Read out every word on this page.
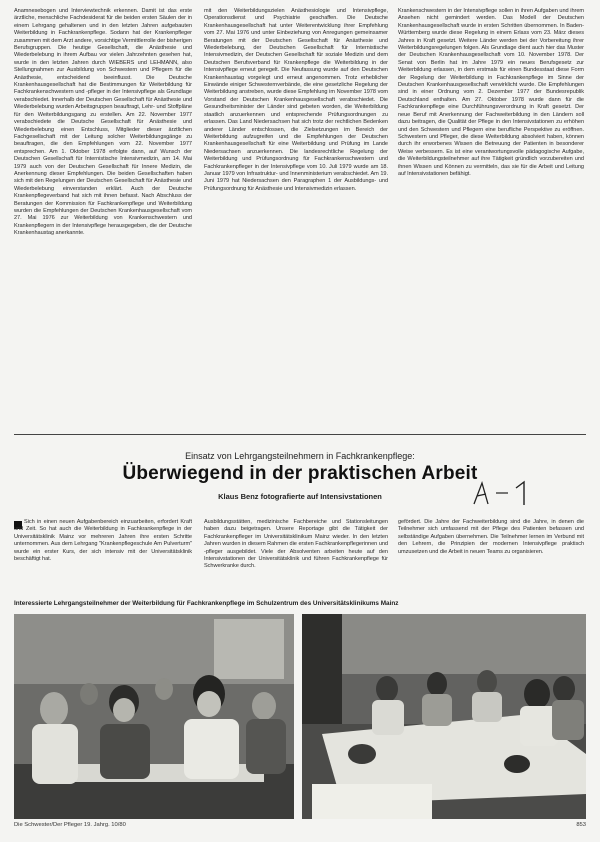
Anamnesebogen und Interviewtechnik erkennen. Damit ist das erste ärztliche, menschliche Fachdesiderat für die beiden ersten Säulen der in einem Lehrgang gehaltenen und in den letzten Jahren aufgebauten Weiterbildung in Fachkrankenpflege. Sodann hat der Krankenpfleger zusammen mit dem Arzt andere, vorsichtige Vermittlerrolle der bisherigen Berufsgruppen. Die heutige Gesellschaft, die Anästhesie und Wiederbelebung in ihrem Aufbau vor vielen Jahrzehnten gesehen hat, wurde in den letzten Jahren durch WIEBERS und LEHMANN, also Stellungnahmen zur Ausbildung von Schwestern und Pflegern für die Anästhesie, entscheidend beeinflusst. Die Deutsche Krankenhausgesellschaft hat die Bestimmungen für Weiterbildung für Fachkrankenschwestern und -pfleger in der Intensivpflege als Grundlage verabschiedet. Innerhalb der Deutschen Gesellschaft für Anästhesie und Wiederbelebung wurden Arbeitsgruppen beauftragt, Lehr- und Stoffpläne für den Weiterbildungsgang zu erstellen. Am 22. November 1977 verabschiedete die Deutsche Gesellschaft für Anästhesie und Wiederbelebung einen Entschluss, Mitglieder dieser ärztlichen Fachgesellschaft mit der Leitung solcher Weiterbildungsgänge zu beauftragen, die den Empfehlungen vom 22. November 1977 entsprechen. Am 1. Oktober 1978 erfolgte dann, auf Wunsch der Deutschen Gesellschaft für Internistische Intensivmedizin, am 14. Mai 1979 auch von der Deutschen Gesellschaft für Innere Medizin, die Anerkennung dieser Empfehlungen. Die beiden Gesellschaften haben sich mit den Regelungen der Deutschen Gesellschaft für Anästhesie und Wiederbelebung einverstanden erklärt. Auch der Deutsche Krankenpflegeverband hat sich mit ihnen befasst. Nach Abschluss der Beratungen der Kommission für Fachkrankenpflege und Weiterbildung wurden die Empfehlungen der Deutschen Krankenhausgesellschaft vom 27. Mai 1976 zur Weiterbildung von Krankenschwestern und Krankenpflegern in der Intensivpflege herausgegeben, die der Deutsche Krankenhaustag anerkannte.

mit den Weiterbildungszielen Anästhesiologie und Intensivpflege, Operationsdienst und Psychiatrie geschaffen. Die Deutsche Krankenhausgesellschaft hat unter Weiterentwicklung ihrer Empfehlung vom 27. Mai 1976 und unter Einbeziehung von Anregungen gemeinsamer Beratungen mit der Deutschen Gesellschaft für Anästhesie und Wiederbelebung, der Deutschen Gesellschaft für Internistische Intensivmedizin, der Deutschen Gesellschaft für soziale Medizin und dem Deutschen Berufsverband für Krankenpflege die Weiterbildung in der Intensivpflege erneut geregelt. Die Neufassung wurde auf den Deutschen Krankenhaustag vorgelegt und erneut angenommen. Trotz erheblicher Einwände einiger Schwesternverbände, die eine gesetzliche Regelung der Weiterbildung anstreben, wurde diese Empfehlung im November 1978 vom Vorstand der Deutschen Krankenhausgesellschaft verabschiedet. Die Gesundheitsminister der Länder sind gebeten worden, die Weiterbildung staatlich anzuerkennen und entsprechende Prüfungsordnungen zu erlassen. Das Land Niedersachsen hat sich trotz der rechtlichen Bedenken anderer Länder entschlossen, die Zielsetzungen im Bereich der Weiterbildung aufzugreifen und die Empfehlungen der Deutschen Krankenhausgesellschaft für eine Weiterbildung und Prüfung im Lande Niedersachsen anzuerkennen. Die landesrechtliche Regelung der Weiterbildung und Prüfungsordnung für Fachkrankenschwestern und Fachkrankenpfleger in der Intensivpflege vom 10. Juli 1979 wurde am 18. Januar 1979 von Infrastruktur- und Innenministerium verabschiedet. Am 19. Juni 1979 hat Niedersachsen den Paragraphen 1 der Ausbildungs- und Prüfungsordnung für Anästhesie und Intensivmedizin erlassen.

Krankenschwestern in der Intensivpflege sollen in ihren Aufgaben und ihrem Ansehen nicht gemindert werden. Das Modell der Deutschen Krankenhausgesellschaft wurde in ersten Schritten übernommen. In Baden-Württemberg wurde diese Regelung in einem Erlass vom 23. März dieses Jahres in Kraft gesetzt. Weitere Länder werden bei der Vorbereitung ihrer Weiterbildungsregelungen folgen. Als Grundlage dient auch hier das Muster der Deutschen Krankenhausgesellschaft vom 10. November 1978. Der Senat von Berlin hat im Jahre 1979 ein neues Berufsgesetz zur Weiterbildung erlassen, in dem erstmals für einen Bundesstaat diese Form der Regelung der Weiterbildung in Fachkrankenpflege im Sinne der Deutschen Krankenhausgesellschaft verwirklicht wurde. Die Empfehlungen sind in einer Ordnung vom 2. Dezember 1977 der Bundesrepublik Deutschland enthalten. Am 27. Oktober 1978 wurde dann für die Fachkrankenpflege eine Durchführungsverordnung in Kraft gesetzt. Der neue Beruf mit Anerkennung der Fachweiterbildung in den Ländern soll dazu beitragen, die Qualität der Pflege in den Intensivstationen zu erhöhen und den Schwestern und Pflegern eine berufliche Perspektive zu eröffnen. Schwestern und Pfleger, die diese Weiterbildung absolviert haben, können durch ihr erworbenes Wissen die Betreuung der Patienten in besonderer Weise verbessern. Es ist eine verantwortungsvolle pädagogische Aufgabe, die Weiterbildungsteilnehmer auf ihre Tätigkeit gründlich vorzubereiten und ihnen Wissen und Können zu vermitteln, das sie für die Arbeit und Leitung auf Intensivstationen befähigt.

Einsatz von Lehrgangsteilnehmern in Fachkrankenpflege:
Überwiegend in der praktischen Arbeit
Klaus Benz fotografierte auf Intensivstationen

Sich in einen neuen Aufgabenbereich einzuarbeiten, erfordert Kraft und Zeit. So hat auch die Weiterbildung in Fachkrankenpflege in der Universitätsklinik Mainz vor mehreren Jahren ihre ersten Schritte unternommen. Aus dem Lehrgang "Krankenpflegeschule Am Pulverturm" wurde ein erster Kurs, der sich intensiv mit der Universitätsklinik beschäftigt hat.

Ausbildungsstätten, medizinische Fachbereiche und Stationsleitungen haben dazu beigetragen. Unsere Reportage gibt die Tätigkeit der Fachkrankenpfleger im Universitätsklinikum Mainz wieder. In den letzten Jahren wurden in diesem Rahmen die ersten Fachkrankenpflegerinnen und -pfleger ausgebildet. Viele der Absolventen arbeiten heute auf den Intensivstationen der Universitätsklinik und führen Fachkrankenpflege für Schwerkranke durch.

gefördert. Die Jahre der Fachweiterbildung sind die Jahre, in denen die Teilnehmer sich umfassend mit der Pflege des Patienten befassen und selbständige Aufgaben übernehmen. Die Teilnehmer lernen im Verbund mit den Lehrern, die Prinzipien der modernen Intensivpflege praktisch umzusetzen und die Arbeit in neuen Teams zu organisieren.

Interessierte Lehrgangsteilnehmer der Weiterbildung für Fachkrankenpflege im Schulzentrum des Universitätsklinikums Mainz
Die Schwester/Der Pfleger 19. Jahrg. 10/80	853
